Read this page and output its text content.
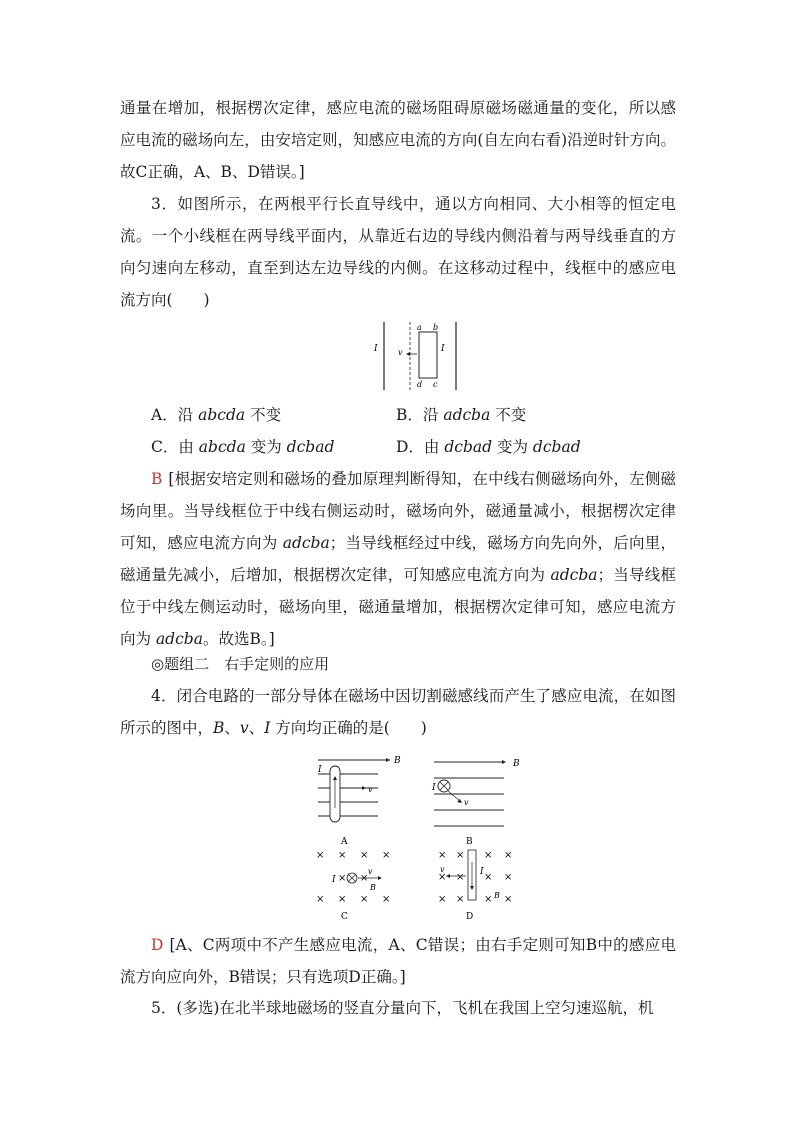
通量在增加，根据楞次定律，感应电流的磁场阻碍原磁场磁通量的变化，所以感应电流的磁场向左，由安培定则，知感应电流的方向(自左向右看)沿逆时针方向。故C正确，A、B、D错误。]
3．如图所示，在两根平行长直导线中，通以方向相同、大小相等的恒定电流。一个小线框在两导线平面内，从靠近右边的导线内侧沿着与两导线垂直的方向匀速向左移动，直至到达左边导线的内侧。在这移动过程中，线框中的感应电流方向(　　)
I	I
v
a b
c
d
A．沿 abcda 不变	B．沿 adcba 不变
C．由 abcda 变为 dcbad	D．由 dcbad 变为 dcbad
B [根据安培定则和磁场的叠加原理判断得知，在中线右侧磁场向外，左侧磁场向里。当导线框位于中线右侧运动时，磁场向外，磁通量减小，根据楞次定律可知，感应电流方向为 adcba；当导线框经过中线，磁场方向先向外，后向里，磁通量先减小，后增加，根据楞次定律，可知感应电流方向为 adcba；当导线框位于中线左侧运动时，磁场向里，磁通量增加，根据楞次定律可知，感应电流方向为 adcba。故选B。]
◎题组二　右手定则的应用
4．闭合电路的一部分导体在磁场中因切割磁感线而产生了感应电流，在如图所示的图中，B、v、I 方向均正确的是(　　)
B
I
v
A
B
I
v
B
× × × ×
× × × ×
× ×
I
v
B
C
× × × ×
× × × ×
× × × ×
v	I
B
D
D [A、C两项中不产生感应电流，A、C错误；由右手定则可知B中的感应电流方向应向外，B错误；只有选项D正确。]
5．(多选)在北半球地磁场的竖直分量向下，飞机在我国上空匀速巡航，机
